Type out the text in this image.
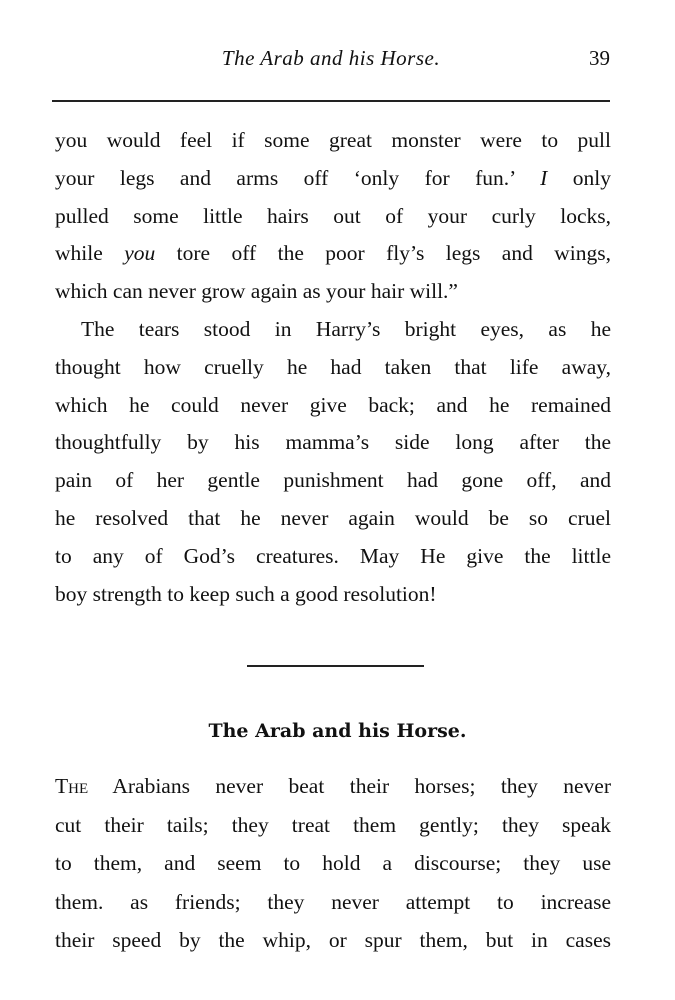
The Arab and his Horse.	39
you would feel if some great monster were to pull
your legs and arms off ‘only for fun.’ I only
pulled some little hairs out of your curly locks,
while you tore off the poor fly’s legs and wings,
which can never grow again as your hair will.”
The tears stood in Harry’s bright eyes, as he
thought how cruelly he had taken that life away,
which he could never give back; and he remained
thoughtfully by his mamma’s side long after the
pain of her gentle punishment had gone off, and
he resolved that he never again would be so cruel
to any of God’s creatures. May He give the little
boy strength to keep such a good resolution!
The Arab and his Horse.
The Arabians never beat their horses; they never
cut their tails; they treat them gently; they speak
to them, and seem to hold a discourse; they use
them. as friends; they never attempt to increase
their speed by the whip, or spur them, but in cases
